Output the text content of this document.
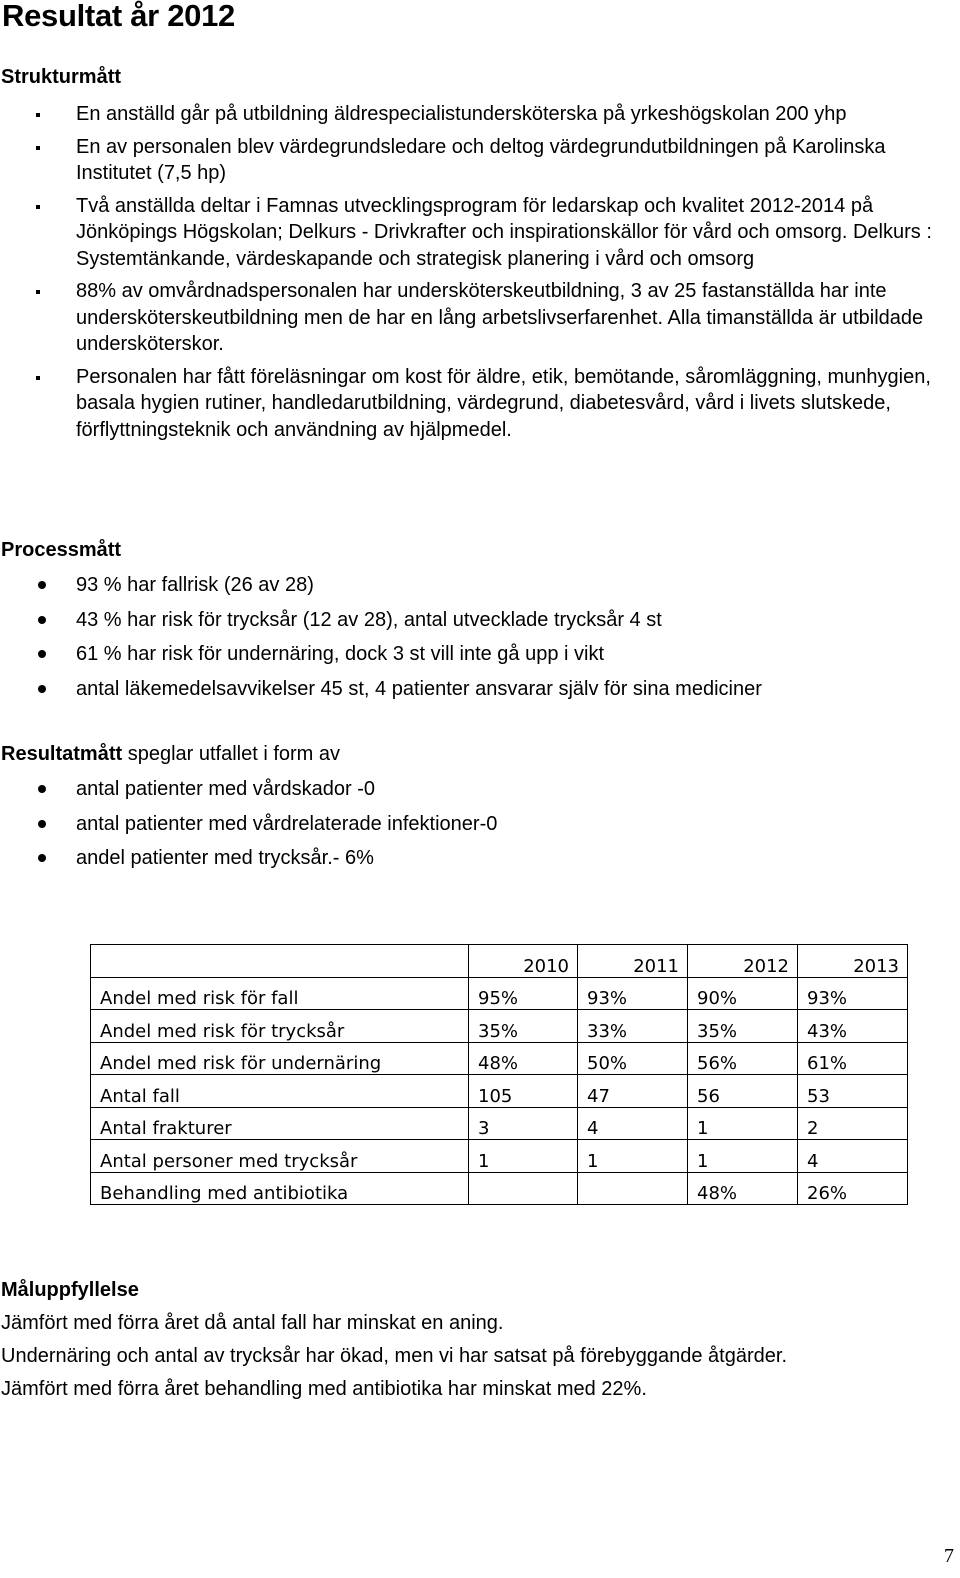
Resultat år 2012
Strukturmått
En anställd går på utbildning äldrespecialistundersköterska på yrkeshögskolan 200 yhp
En av personalen blev värdegrundsledare och deltog värdegrundutbildningen på Karolinska Institutet (7,5 hp)
Två anställda deltar i Famnas utvecklingsprogram för ledarskap och kvalitet 2012-2014 på Jönköpings Högskolan; Delkurs - Drivkrafter och inspirationskällor för vård och omsorg. Delkurs : Systemtänkande, värdeskapande och strategisk planering i vård och omsorg
88% av omvårdnadspersonalen har undersköterskeutbildning, 3 av 25 fastanställda har inte undersköterskeutbildning men de har en lång arbetslivserfarenhet. Alla timanställda är utbildade undersköterskor.
Personalen har fått föreläsningar om kost för äldre, etik, bemötande, såromläggning, munhygien, basala hygien rutiner, handledarutbildning, värdegrund, diabetesvård, vård i livets slutskede, förflyttningsteknik och användning av hjälpmedel.
Processmått
93 % har fallrisk (26 av 28)
43 % har risk för trycksår (12 av 28), antal utvecklade trycksår 4 st
61 % har risk för undernäring, dock 3 st vill inte gå upp i vikt
antal läkemedelsavvikelser 45 st, 4 patienter ansvarar själv för sina mediciner
Resultatmått speglar utfallet i form av
antal patienter med vårdskador -0
antal patienter med vårdrelaterade infektioner-0
andel patienter med trycksår.- 6%
	2010	2011	2012	2013
Andel med risk för fall	95%	93%	90%	93%
Andel med risk för trycksår	35%	33%	35%	43%
Andel med risk för undernäring	48%	50%	56%	61%
Antal fall	105	47	56	53
Antal frakturer	3	4	1	2
Antal personer med trycksår	1	1	1	4
Behandling med antibiotika			48%	26%
Måluppfyllelse
Jämfört med förra året då antal fall har minskat en aning.
Undernäring och antal av trycksår har ökad, men vi har satsat på förebyggande åtgärder.
Jämfört med förra året behandling med antibiotika har minskat med 22%.
7
